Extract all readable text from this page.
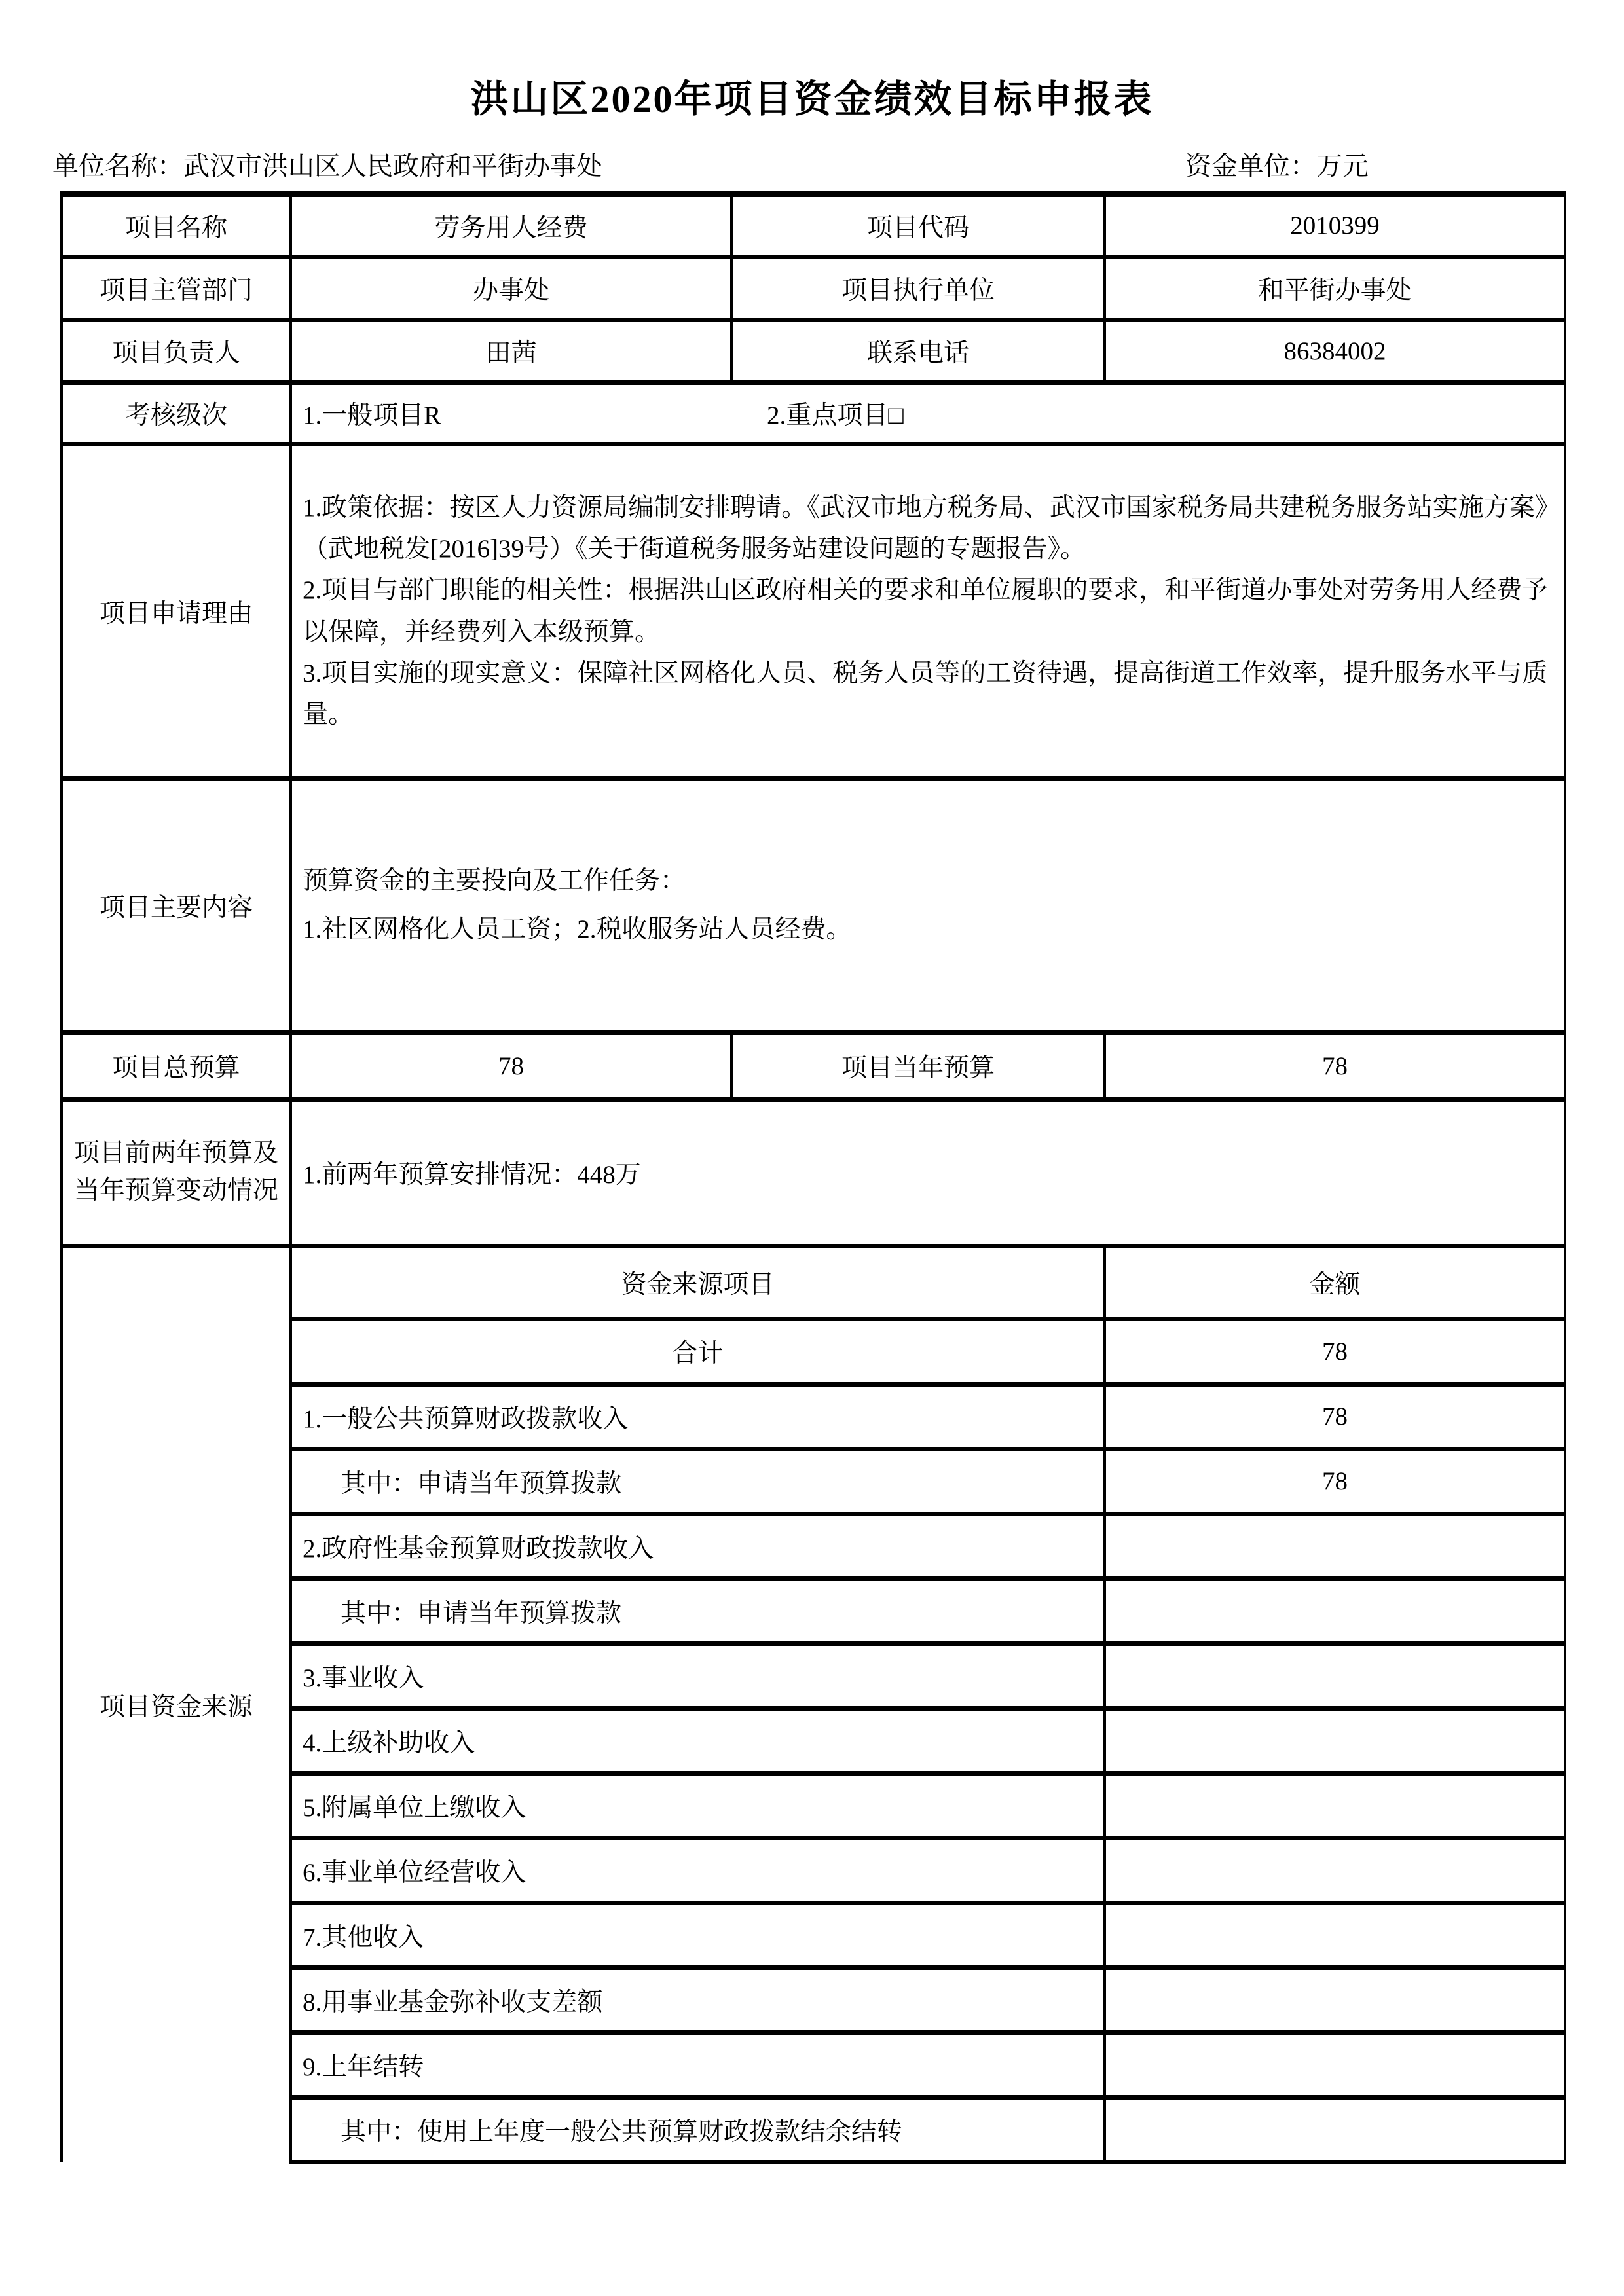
洪山区2020年项目资金绩效目标申报表
单位名称：武汉市洪山区人民政府和平街办事处	资金单位：万元
项目名称	劳务用人经费	项目代码	2010399
项目主管部门	办事处	项目执行单位	和平街办事处
项目负责人	田茜	联系电话	86384002
考核级次	1.一般项目R 2.重点项目□		
项目申请理由	1.政策依据：按区人力资源局编制安排聘请。《武汉市地方税务局、武汉市国家税务局共建税务服务站实施方案》（武地税发[2016]39号）《关于街道税务服务站建设问题的专题报告》。

2.项目与部门职能的相关性：根据洪山区政府相关的要求和单位履职的要求，和平街道办事处对劳务用人经费予以保障，并经费列入本级预算。

3.项目实施的现实意义：保障社区网格化人员、税务人员等的工资待遇，提高街道工作效率，提升服务水平与质量。		

项目主要内容	预算资金的主要投向及工作任务：

1.社区网格化人员工资；2.税收服务站人员经费。		

项目总预算	78	项目当年预算	78
项目前两年预算及当年预算变动情况	1.前两年预算安排情况：448万		
项目资金来源	资金来源项目		金额
	合计		78
	1.一般公共预算财政拨款收入		78
	其中：申请当年预算拨款		78
	2.政府性基金预算财政拨款收入		
	其中：申请当年预算拨款		
	3.事业收入		
	4.上级补助收入		
	5.附属单位上缴收入		
	6.事业单位经营收入		
	7.其他收入		
	8.用事业基金弥补收支差额		
	9.上年结转		
	其中：使用上年度一般公共预算财政拨款结余结转		
